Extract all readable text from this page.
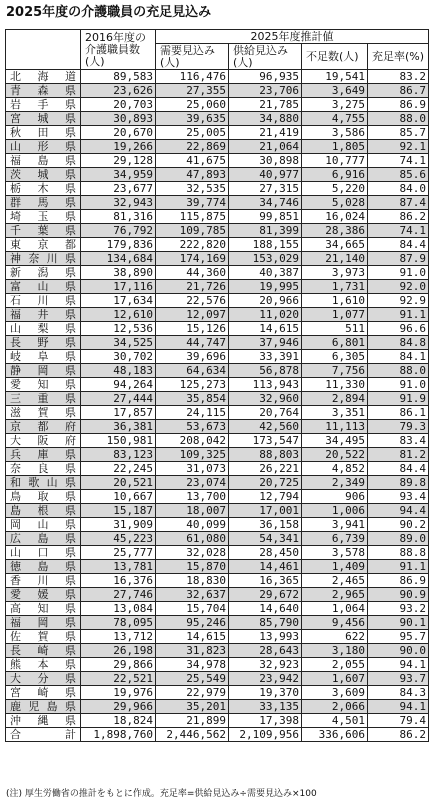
2025年度の介護職員の充足見込み
	2016年度の介護職員数(人)	2025年度推計値			
		需要見込み(人)	供給見込み(人)	不足数(人)	充足率(%)
北海道	89,583	116,476	96,935	19,541	83.2
青森県	23,626	27,355	23,706	3,649	86.7
岩手県	20,703	25,060	21,785	3,275	86.9
宮城県	30,893	39,635	34,880	4,755	88.0
秋田県	20,670	25,005	21,419	3,586	85.7
山形県	19,266	22,869	21,064	1,805	92.1
福島県	29,128	41,675	30,898	10,777	74.1
茨城県	34,959	47,893	40,977	6,916	85.6
栃木県	23,677	32,535	27,315	5,220	84.0
群馬県	32,943	39,774	34,746	5,028	87.4
埼玉県	81,316	115,875	99,851	16,024	86.2
千葉県	76,792	109,785	81,399	28,386	74.1
東京都	179,836	222,820	188,155	34,665	84.4
神奈川県	134,684	174,169	153,029	21,140	87.9
新潟県	38,890	44,360	40,387	3,973	91.0
富山県	17,116	21,726	19,995	1,731	92.0
石川県	17,634	22,576	20,966	1,610	92.9
福井県	12,610	12,097	11,020	1,077	91.1
山梨県	12,536	15,126	14,615	511	96.6
長野県	34,525	44,747	37,946	6,801	84.8
岐阜県	30,702	39,696	33,391	6,305	84.1
静岡県	48,183	64,634	56,878	7,756	88.0
愛知県	94,264	125,273	113,943	11,330	91.0
三重県	27,444	35,854	32,960	2,894	91.9
滋賀県	17,857	24,115	20,764	3,351	86.1
京都府	36,381	53,673	42,560	11,113	79.3
大阪府	150,981	208,042	173,547	34,495	83.4
兵庫県	83,123	109,325	88,803	20,522	81.2
奈良県	22,245	31,073	26,221	4,852	84.4
和歌山県	20,521	23,074	20,725	2,349	89.8
鳥取県	10,667	13,700	12,794	906	93.4
島根県	15,187	18,007	17,001	1,006	94.4
岡山県	31,909	40,099	36,158	3,941	90.2
広島県	45,223	61,080	54,341	6,739	89.0
山口県	25,777	32,028	28,450	3,578	88.8
徳島県	13,781	15,870	14,461	1,409	91.1
香川県	16,376	18,830	16,365	2,465	86.9
愛媛県	27,746	32,637	29,672	2,965	90.9
高知県	13,084	15,704	14,640	1,064	93.2
福岡県	78,095	95,246	85,790	9,456	90.1
佐賀県	13,712	14,615	13,993	622	95.7
長崎県	26,198	31,823	28,643	3,180	90.0
熊本県	29,866	34,978	32,923	2,055	94.1
大分県	22,521	25,549	23,942	1,607	93.7
宮崎県	19,976	22,979	19,370	3,609	84.3
鹿児島県	29,966	35,201	33,135	2,066	94.1
沖縄県	18,824	21,899	17,398	4,501	79.4
合計	1,898,760	2,446,562	2,109,956	336,606	86.2
(注) 厚生労働省の推計をもとに作成。充足率=供給見込み÷需要見込み×100
